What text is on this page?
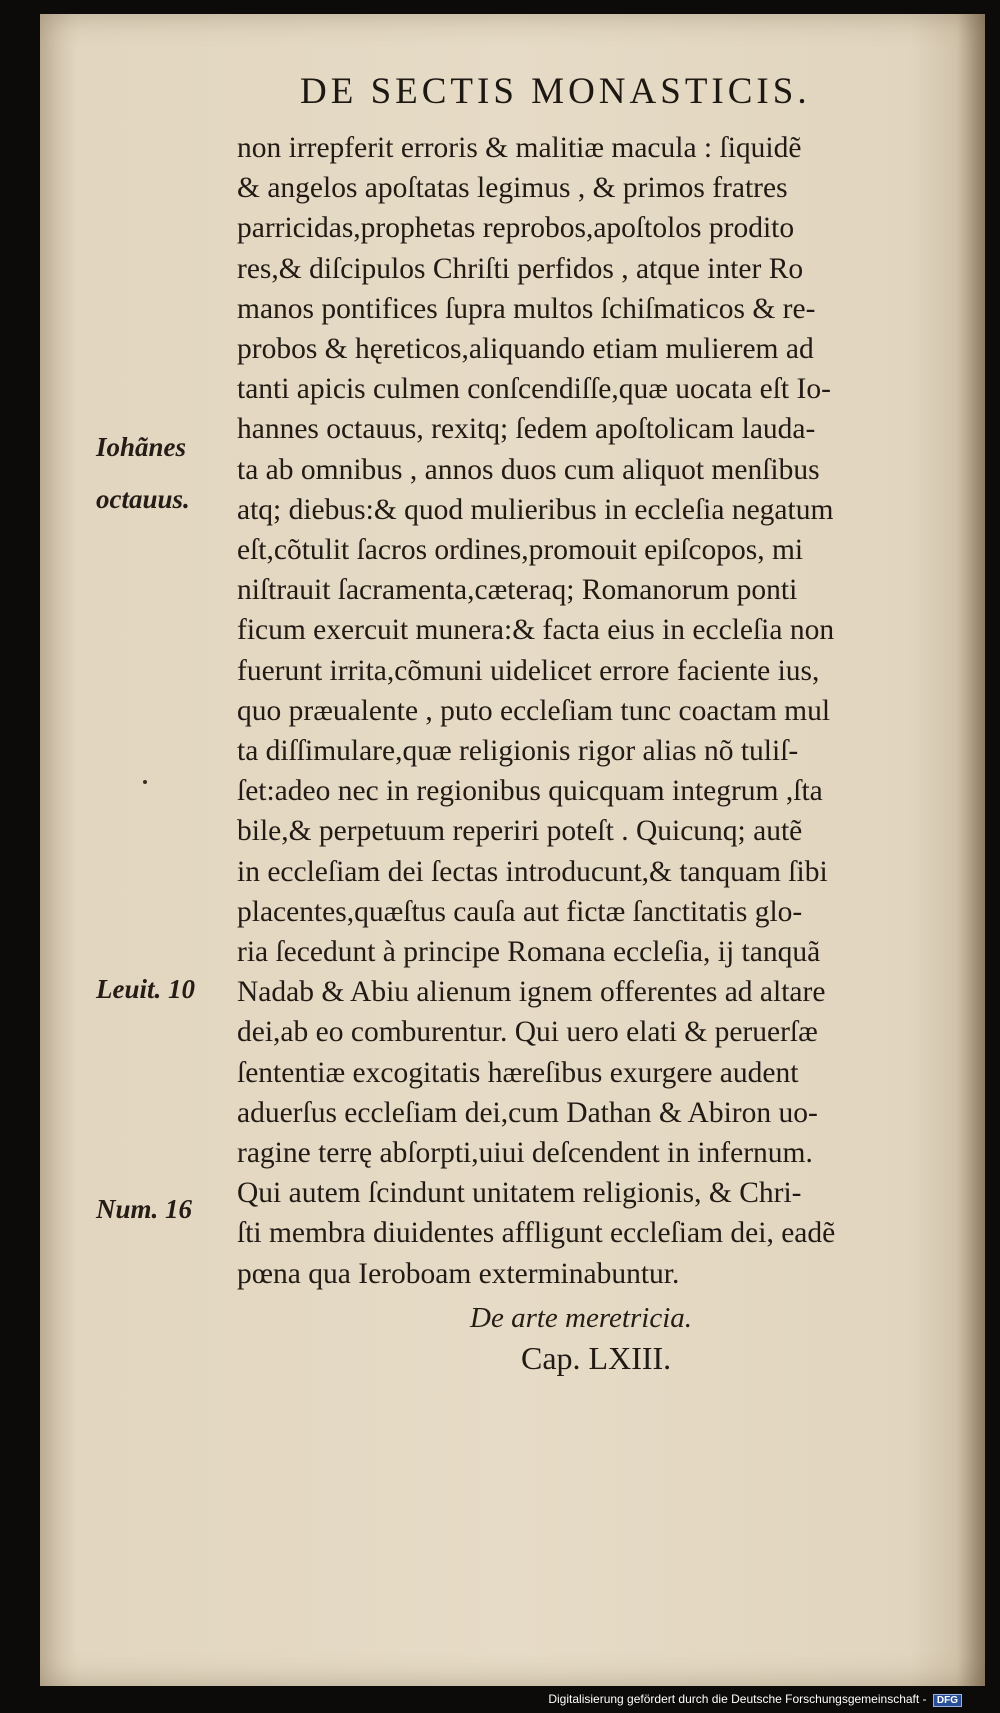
DE SECTIS MONASTICIS.
non irrepferit erroris & malitiæ macula : ſiquidẽ
& angelos apoſtatas legimus , & primos fratres
parricidas,prophetas reprobos,apoſtolos prodito
res,& diſcipulos Chriſti perfidos , atque inter Ro
manos pontifices ſupra multos ſchiſmaticos & re-
probos & hęreticos,aliquando etiam mulierem ad
tanti apicis culmen conſcendiſſe,quæ uocata eſt Io-
hannes octauus, rexitq; ſedem apoſtolicam lauda-
ta ab omnibus , annos duos cum aliquot menſibus
atq; diebus:& quod mulieribus in eccleſia negatum
eſt,cõtulit ſacros ordines,promouit epiſcopos, mi
niſtrauit ſacramenta,cæteraq; Romanorum ponti
ficum exercuit munera:& facta eius in eccleſia non
fuerunt irrita,cõmuni uidelicet errore faciente ius,
quo præualente , puto eccleſiam tunc coactam mul
ta diſſimulare,quæ religionis rigor alias nõ tuliſ-
ſet:adeo nec in regionibus quicquam integrum ,ſta
bile,& perpetuum reperiri poteſt . Quicunq; autẽ
in eccleſiam dei ſectas introducunt,& tanquam ſibi
placentes,quæſtus cauſa aut fictæ ſanctitatis glo-
ria ſecedunt à principe Romana eccleſia, ij tanquã
Nadab & Abiu alienum ignem offerentes ad altare
dei,ab eo comburentur. Qui uero elati & peruerſæ
ſententiæ excogitatis hæreſibus exurgere audent
aduerſus eccleſiam dei,cum Dathan & Abiron uo-
ragine terrę abſorpti,uiui deſcendent in infernum.
Qui autem ſcindunt unitatem religionis, & Chri-
ſti membra diuidentes affligunt eccleſiam dei, eadẽ
pœna qua Ieroboam exterminabuntur.
Iohãnes
octauus.
Leuit. 10
Num. 16
De arte meretricia.
Cap. LXIII.
Digitalisierung gefördert durch die Deutsche Forschungsgemeinschaft - DFG
